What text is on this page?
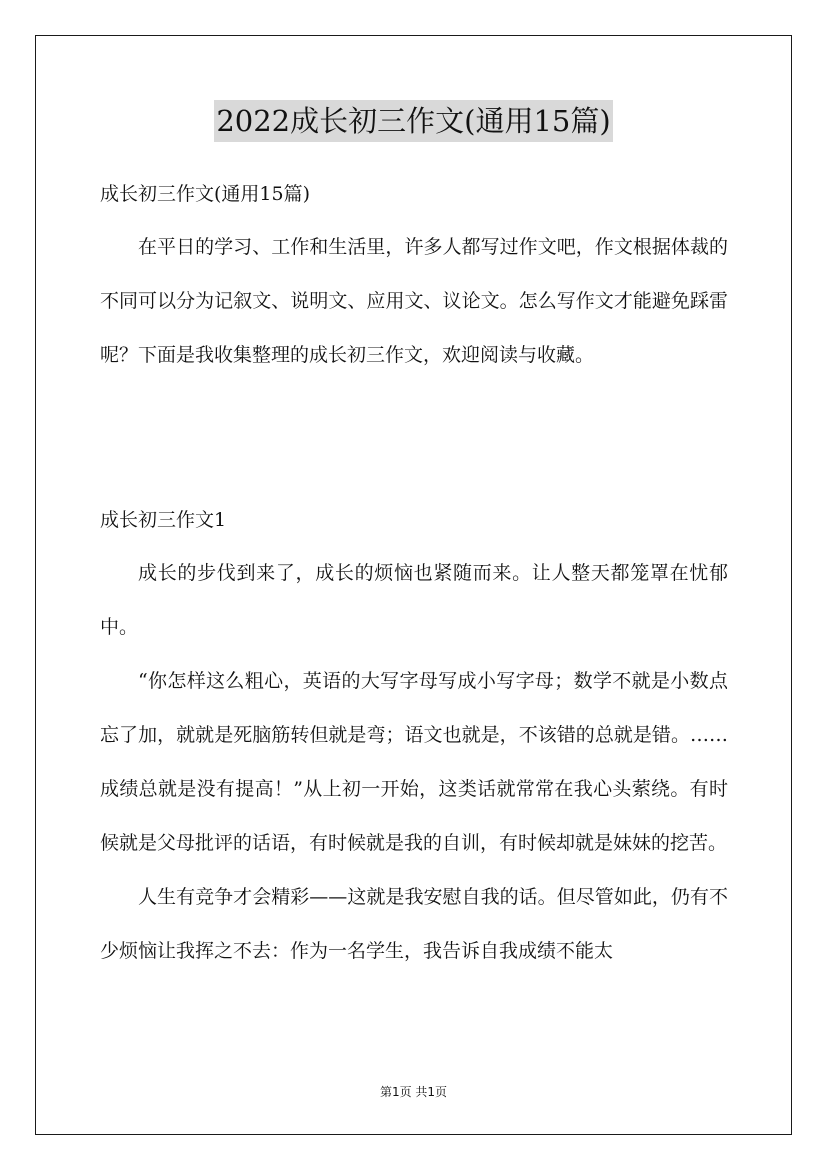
2022成长初三作文(通用15篇)
成长初三作文(通用15篇)

在平日的学习、工作和生活里，许多人都写过作文吧，作文根据体裁的不同可以分为记叙文、说明文、应用文、议论文。怎么写作文才能避免踩雷呢？下面是我收集整理的成长初三作文，欢迎阅读与收藏。

成长初三作文1

成长的步伐到来了，成长的烦恼也紧随而来。让人整天都笼罩在忧郁中。

“你怎样这么粗心，英语的大写字母写成小写字母；数学不就是小数点忘了加，就就是死脑筋转但就是弯；语文也就是，不该错的总就是错。……成绩总就是没有提高！”从上初一开始，这类话就常常在我心头萦绕。有时候就是父母批评的话语，有时候就是我的自训，有时候却就是妹妹的挖苦。

人生有竞争才会精彩——这就是我安慰自我的话。但尽管如此，仍有不少烦恼让我挥之不去：作为一名学生，我告诉自我成绩不能太

第1页 共1页
